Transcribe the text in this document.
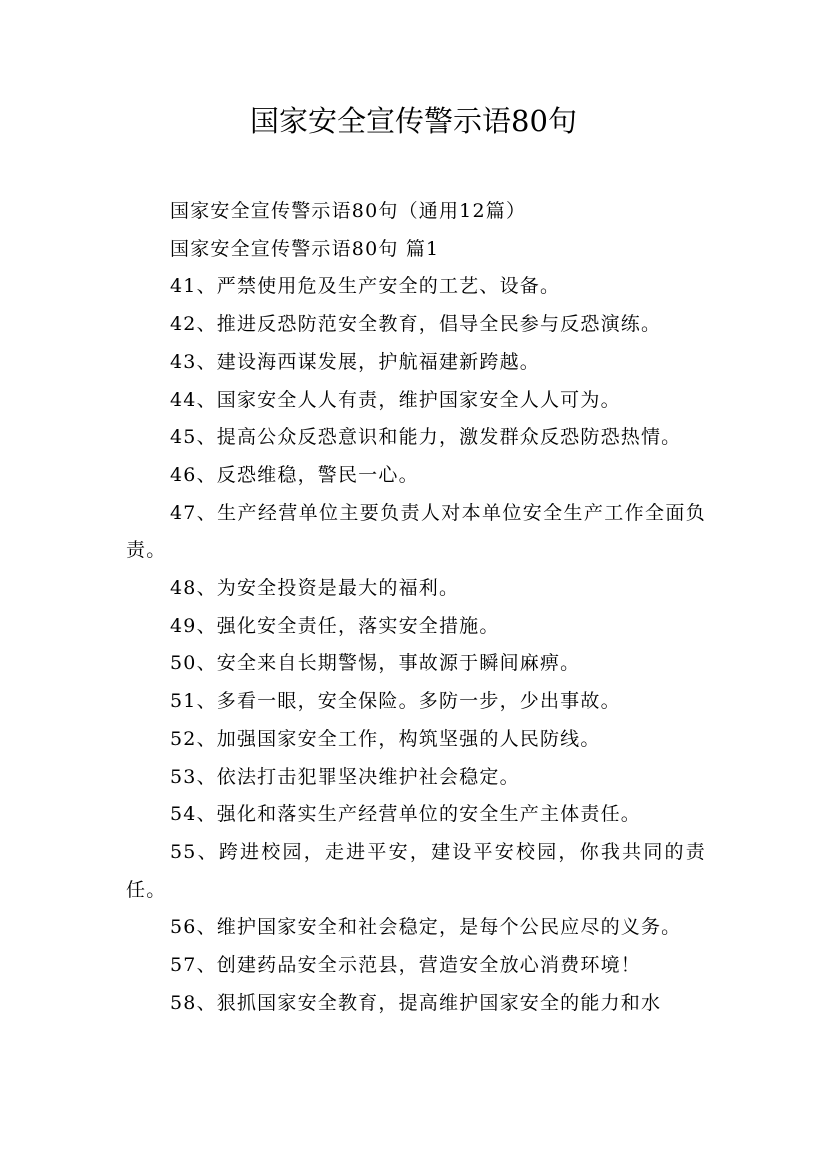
国家安全宣传警示语80句

国家安全宣传警示语80句（通用12篇）

国家安全宣传警示语80句 篇1

41、严禁使用危及生产安全的工艺、设备。

42、推进反恐防范安全教育，倡导全民参与反恐演练。

43、建设海西谋发展，护航福建新跨越。

44、国家安全人人有责，维护国家安全人人可为。

45、提高公众反恐意识和能力，激发群众反恐防恐热情。

46、反恐维稳，警民一心。

47、生产经营单位主要负责人对本单位安全生产工作全面负责。

48、为安全投资是最大的福利。

49、强化安全责任，落实安全措施。

50、安全来自长期警惕，事故源于瞬间麻痹。

51、多看一眼，安全保险。多防一步，少出事故。

52、加强国家安全工作，构筑坚强的人民防线。

53、依法打击犯罪坚决维护社会稳定。

54、强化和落实生产经营单位的安全生产主体责任。

55、跨进校园，走进平安，建设平安校园，你我共同的责任。

56、维护国家安全和社会稳定，是每个公民应尽的义务。

57、创建药品安全示范县，营造安全放心消费环境！

58、狠抓国家安全教育，提高维护国家安全的能力和水
